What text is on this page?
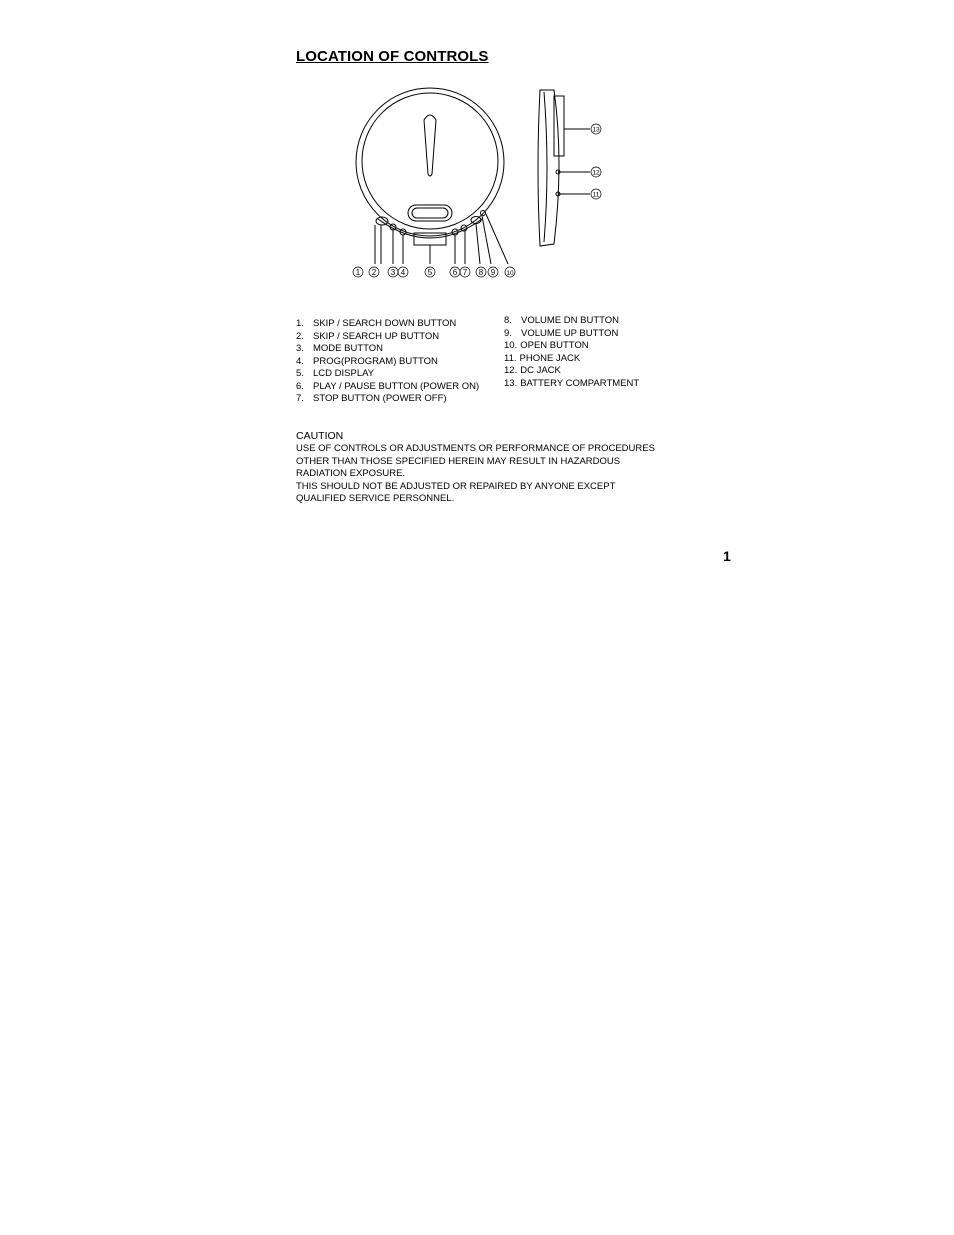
LOCATION OF CONTROLS
1 2 3 4	5	6 7 8 9 10
11
12
13
1. SKIP / SEARCH DOWN BUTTON
2. SKIP / SEARCH UP BUTTON
3. MODE BUTTON
4. PROG(PROGRAM) BUTTON
5. LCD DISPLAY
6. PLAY / PAUSE BUTTON (POWER ON)
7. STOP BUTTON (POWER OFF)
8. VOLUME DN BUTTON
9. VOLUME UP BUTTON
10. OPEN BUTTON
11. PHONE JACK
12. DC JACK
13. BATTERY COMPARTMENT
CAUTION

USE OF CONTROLS OR ADJUSTMENTS OR PERFORMANCE OF PROCEDURES

OTHER THAN THOSE SPECIFIED HEREIN MAY RESULT IN HAZARDOUS

RADIATION EXPOSURE.

THIS SHOULD NOT BE ADJUSTED OR REPAIRED BY ANYONE EXCEPT

QUALIFIED SERVICE PERSONNEL.

1
